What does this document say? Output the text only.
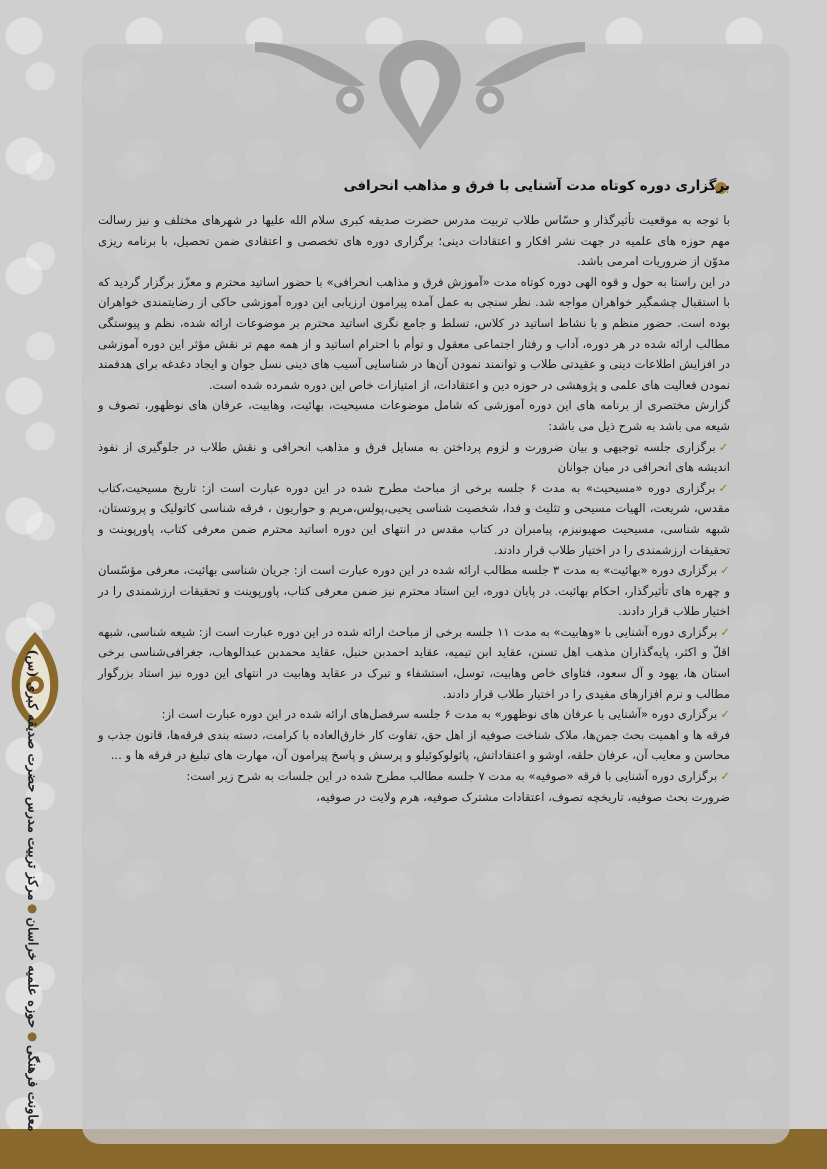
معاونت فرهنگیحوزه علمیه خراسانمرکز تربیت مدرس حضرت صدیقه کبری (س)
برگزاری دوره کوتاه مدت آشنایی با فرق و مذاهب انحرافی

با توجه به موقعیت تأثیرگذار و حسّاس طلاب تربیت مدرس حضرت صدیقه کبری سلام الله علیها در شهرهای مختلف و نیز رسالت مهم حوزه های علمیه در جهت نشر افکار و اعتقادات دینی؛ برگزاری دوره های تخصصی و اعتقادی ضمن تحصیل، با برنامه ریزی مدوّن از ضروریات امرمی باشد.

در این راستا به حول و قوه الهی دوره کوتاه مدت «آموزش فرق و مذاهب انحرافی» با حضور اساتید محترم و معزّز برگزار گردید که با استقبال چشمگیر خواهران مواجه شد. نظر سنجی به عمل آمده پیرامون ارزیابی این دوره آموزشی حاکی از رضایتمندی خواهران بوده است. حضور منظم و با نشاط اساتید در کلاس، تسلط و جامع نگری اساتید محترم بر موضوعات ارائه شده، نظم و پیوستگی مطالب ارائه شده در هر دوره، آداب و رفتار اجتماعی معقول و توأم با احترام اساتید و از همه مهم تر نقش مؤثر این دوره آموزشی در افزایش اطلاعات دینی و عقیدتی طلاب و توانمند نمودن آن‌ها در شناسایی آسیب های دینی نسل جوان و ایجاد دغدغه برای هدفمند نمودن فعالیت های علمی و پژوهشی در حوزه دین و اعتقادات، از امتیازات خاص این دوره شمرده شده است.

گزارش مختصری از برنامه های این دوره آموزشی که شامل موضوعات مسیحیت، بهائیت، وهابیت، عرفان های نوظهور، تصوف و شیعه می باشد به شرح ذیل می باشد:

✓برگزاری جلسه توجیهی و بیان ضرورت و لزوم پرداختن به مسایل فرق و مذاهب انحرافی و نقش طلاب در جلوگیری از نفوذ اندیشه های انحرافی در میان جوانان

✓برگزاری دوره «مسیحیت» به مدت ۶ جلسه برخی از مباحث مطرح شده در این دوره عبارت است از: تاریخ مسیحیت،کتاب مقدس، شریعت، الهیات مسیحی و تثلیث و فدا، شخصیت شناسی یحیی،پولس،مریم و حواریون ، فرقه شناسی کاتولیک و پروتستان، شبهه شناسی، مسیحیت صهیونیزم، پیامبران در کتاب مقدس در انتهای این دوره اساتید محترم ضمن معرفی کتاب، پاورپوینت و تحقیقات ارزشمندی را در اختیار طلاب قرار دادند.

✓برگزاری دوره «بهائیت» به مدت ۳ جلسه مطالب ارائه شده در این دوره عبارت است از: جریان شناسی بهائیت، معرفی مؤسّسان و چهره های تأثیرگذار، احکام بهائیت. در پایان دوره، این استاد محترم نیز ضمن معرفی کتاب، پاورپوینت و تحقیقات ارزشمندی را در اختیار طلاب قرار دادند.

✓برگزاری دوره آشنایی با «وهابیت» به مدت ۱۱ جلسه برخی از مباحث ارائه شده در این دوره عبارت است از: شیعه شناسی، شبهه اقلّ و اکثر، پایه‌گذاران مذهب اهل تسنن، عقاید ابن تیمیه، عقاید احمدبن حنبل، عقاید محمدبن عبدالوهاب، جغرافی‌شناسی برخی استان ها، یهود و آل سعود، فتاوای خاص وهابیت، توسل، استشفاء و تبرک در عقاید وهابیت در انتهای این دوره نیز استاد بزرگوار مطالب و نرم افزارهای مفیدی را در اختیار طلاب قرار دادند.

✓برگزاری دوره «آشنایی با عرفان های نوظهور» به مدت ۶ جلسه سرفصل‌های ارائه شده در این دوره عبارت است از:

فرقه ها و اهمیت بحث جمن‌ها، ملاک شناخت صوفیه از اهل حق، تفاوت کار خارق‌العاده با کرامت، دسته بندی فرقه‌ها، قانون جذب و محاسن و معایب آن، عرفان حلقه، اوشو و اعتقاداتش، پائولوکوئیلو و پرسش و پاسخ پیرامون آن، مهارت های تبلیغ در فرقه ها و ...

✓برگزاری دوره آشنایی با فرقه «صوفیه» به مدت ۷ جلسه مطالب مطرح شده در این جلسات به شرح زیر است:

ضرورت بحث صوفیه، تاریخچه تصوف، اعتقادات مشترک صوفیه، هرم ولایت در صوفیه،
